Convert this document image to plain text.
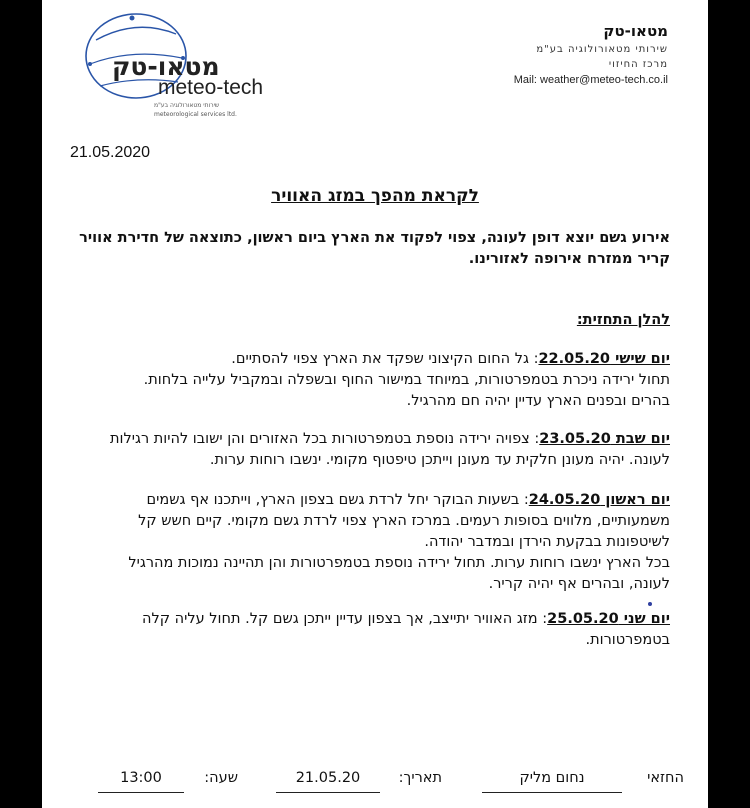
מטאו-טק
meteo-tech
שירותי מטאורולוגיה בע"מ
meteorological services ltd.
מטאו-טק
שירותי מטאורולוגיה בע"מ
מרכז החיזוי
Mail: weather@meteo-tech.co.il
21.05.2020
לקראת מהפך במזג האוויר
אירוע גשם יוצא דופן לעונה, צפוי לפקוד את הארץ ביום ראשון, כתוצאה של חדירת אוויר קריר ממזרח אירופה לאזורינו.
להלן התחזית:
יום שישי 22.05.20: גל החום הקיצוני שפקד את הארץ צפוי להסתיים.
תחול ירידה ניכרת בטמפרטורות, במיוחד במישור החוף ובשפלה ובמקביל עלייה בלחות.
בהרים ובפנים הארץ עדיין יהיה חם מהרגיל.
יום שבת 23.05.20: צפויה ירידה נוספת בטמפרטורות בכל האזורים והן ישובו להיות רגילות
לעונה. יהיה מעונן חלקית עד מעונן וייתכן טיפטוף מקומי. ינשבו רוחות ערות.
יום ראשון 24.05.20: בשעות הבוקר יחל לרדת גשם בצפון הארץ, וייתכנו אף גשמים
משמעותיים, מלווים בסופות רעמים. במרכז הארץ צפוי לרדת גשם מקומי. קיים חשש קל
לשיטפונות בבקעת הירדן ובמדבר יהודה.
בכל הארץ ינשבו רוחות ערות. תחול ירידה נוספת בטמפרטורות והן תהיינה נמוכות מהרגיל
לעונה, ובהרים אף יהיה קריר.
יום שני 25.05.20: מזג האוויר יתייצב, אך בצפון עדיין ייתכן גשם קל. תחול עליה קלה
בטמפרטורות.
החזאי
נחום מליק
תאריך:
21.05.20
שעה:
13:00
